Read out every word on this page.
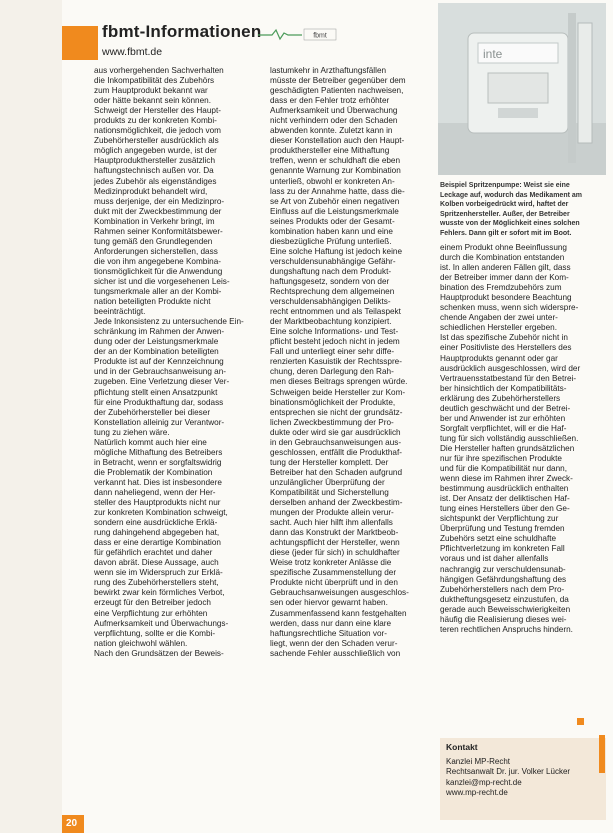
fbmt-Informationen	fbmt
www.fbmt.de
aus vorhergehenden Sachverhalten
die Inkompatibilität des Zubehörs
zum Hauptprodukt bekannt war
oder hätte bekannt sein können.
Schweigt der Hersteller des Haupt-
produkts zu der konkreten Kombi-
nationsmöglichkeit, die jedoch vom
Zubehörhersteller ausdrücklich als
möglich angegeben wurde, ist der
Hauptprodukthersteller zusätzlich
haftungstechnisch außen vor. Da
jedes Zubehör als eigenständiges
Medizinprodukt behandelt wird,
muss derjenige, der ein Medizinpro-
dukt mit der Zweckbestimmung der
Kombination in Verkehr bringt, im
Rahmen seiner Konformitätsbewer-
tung gemäß den Grundlegenden
Anforderungen sicherstellen, dass
die von ihm angegebene Kombina-
tionsmöglichkeit für die Anwendung
sicher ist und die vorgesehenen Leis-
tungsmerkmale aller an der Kombi-
nation beteiligten Produkte nicht
beeinträchtigt.
Jede Inkonsistenz zu untersuchende Ein-
schränkung im Rahmen der Anwen-
dung oder der Leistungsmerkmale
der an der Kombination beteiligten
Produkte ist auf der Kennzeichnung
und in der Gebrauchsanweisung an-
zugeben. Eine Verletzung dieser Ver-
pflichtung stellt einen Ansatzpunkt
für eine Produkthaftung dar, sodass
der Zubehörhersteller bei dieser
Konstellation alleinig zur Verantwor-
tung zu ziehen wäre.
Natürlich kommt auch hier eine
mögliche Mithaftung des Betreibers
in Betracht, wenn er sorgfaltswidrig
die Problematik der Kombination
verkannt hat. Dies ist insbesondere
dann naheliegend, wenn der Her-
steller des Hauptprodukts nicht nur
zur konkreten Kombination schweigt,
sondern eine ausdrückliche Erklä-
rung dahingehend abgegeben hat,
dass er eine derartige Kombination
für gefährlich erachtet und daher
davon abrät. Diese Aussage, auch
wenn sie im Widerspruch zur Erklä-
rung des Zubehörherstellers steht,
bewirkt zwar kein förmliches Verbot,
erzeugt für den Betreiber jedoch
eine Verpflichtung zur erhöhten
Aufmerksamkeit und Überwachungs-
verpflichtung, sollte er die Kombi-
nation gleichwohl wählen.
Nach den Grundsätzen der Beweis-
lastumkehr in Arzthaftungsfällen
müsste der Betreiber gegenüber dem
geschädigten Patienten nachweisen,
dass er den Fehler trotz erhöhter
Aufmerksamkeit und Überwachung
nicht verhindern oder den Schaden
abwenden konnte. Zuletzt kann in
dieser Konstellation auch den Haupt-
produkthersteller eine Mithaftung
treffen, wenn er schuldhaft die eben
genannte Warnung zur Kombination
unterließ, obwohl er konkreten An-
lass zu der Annahme hatte, dass die-
se Art von Zubehör einen negativen
Einfluss auf die Leistungsmerkmale
seines Produkts oder der Gesamt-
kombination haben kann und eine
diesbezügliche Prüfung unterließ.
Eine solche Haftung ist jedoch keine
verschuldensunabhängige Gefähr-
dungshaftung nach dem Produkt-
haftungsgesetz, sondern von der
Rechtsprechung dem allgemeinen
verschuldensabhängigen Delikts-
recht entnommen und als Teilaspekt
der Marktbeobachtung konzipiert.
Eine solche Informations- und Test-
pflicht besteht jedoch nicht in jedem
Fall und unterliegt einer sehr diffe-
renzierten Kasuistik der Rechtsspre-
chung, deren Darlegung den Rah-
men dieses Beitrags sprengen würde.
Schweigen beide Hersteller zur Kom-
binationsmöglichkeit der Produkte,
entsprechen sie nicht der grundsätz-
lichen Zweckbestimmung der Pro-
dukte oder wird sie gar ausdrücklich
in den Gebrauchsanweisungen aus-
geschlossen, entfällt die Produkthaf-
tung der Hersteller komplett. Der
Betreiber hat den Schaden aufgrund
unzulänglicher Überprüfung der
Kompatibilität und Sicherstellung
derselben anhand der Zweckbestim-
mungen der Produkte allein verur-
sacht. Auch hier hilft ihm allenfalls
dann das Konstrukt der Marktbeob-
achtungspflicht der Hersteller, wenn
diese (jeder für sich) in schuldhafter
Weise trotz konkreter Anlässe die
spezifische Zusammenstellung der
Produkte nicht überprüft und in den
Gebrauchsanweisungen ausgeschlos-
sen oder hiervor gewarnt haben.
Zusammenfassend kann festgehalten
werden, dass nur dann eine klare
haftungsrechtliche Situation vor-
liegt, wenn der den Schaden verur-
sachende Fehler ausschließlich von
inte
Beispiel Spritzenpumpe: Weist sie eine
Leckage auf, wodurch das Medikament am
Kolben vorbeigedrückt wird, haftet der
Spritzenhersteller. Außer, der Betreiber
wusste von der Möglichkeit eines solchen
Fehlers. Dann gilt er sofort mit im Boot.
einem Produkt ohne Beeinflussung
durch die Kombination entstanden
ist. In allen anderen Fällen gilt, dass
der Betreiber immer dann der Kom-
bination des Fremdzubehörs zum
Hauptprodukt besondere Beachtung
schenken muss, wenn sich widerspre-
chende Angaben der zwei unter-
schiedlichen Hersteller ergeben.
Ist das spezifische Zubehör nicht in
einer Positivliste des Herstellers des
Hauptprodukts genannt oder gar
ausdrücklich ausgeschlossen, wird der
Vertrauensstatbestand für den Betrei-
ber hinsichtlich der Kompatibilitäts-
erklärung des Zubehörherstellers
deutlich geschwächt und der Betrei-
ber und Anwender ist zur erhöhten
Sorgfalt verpflichtet, will er die Haf-
tung für sich vollständig ausschließen.
Die Hersteller haften grundsätzlichen
nur für ihre spezifischen Produkte
und für die Kompatibilität nur dann,
wenn diese im Rahmen ihrer Zweck-
bestimmung ausdrücklich enthalten
ist. Der Ansatz der deliktischen Haf-
tung eines Herstellers über den Ge-
sichtspunkt der Verpflichtung zur
Überprüfung und Testung fremden
Zubehörs setzt eine schuldhafte
Pflichtverletzung im konkreten Fall
voraus und ist daher allenfalls
nachrangig zur verschuldensunab-
hängigen Gefährdungshaftung des
Zubehörherstellers nach dem Pro-
duktheftungsgesetz einzustufen, da
gerade auch Beweisschwierigkeiten
häufig die Realisierung dieses wei-
teren rechtlichen Anspruchs hindern.
Kontakt
Kanzlei MP-Recht
Rechtsanwalt Dr. jur. Volker Lücker
kanzlei@mp-recht.de
www.mp-recht.de
20
